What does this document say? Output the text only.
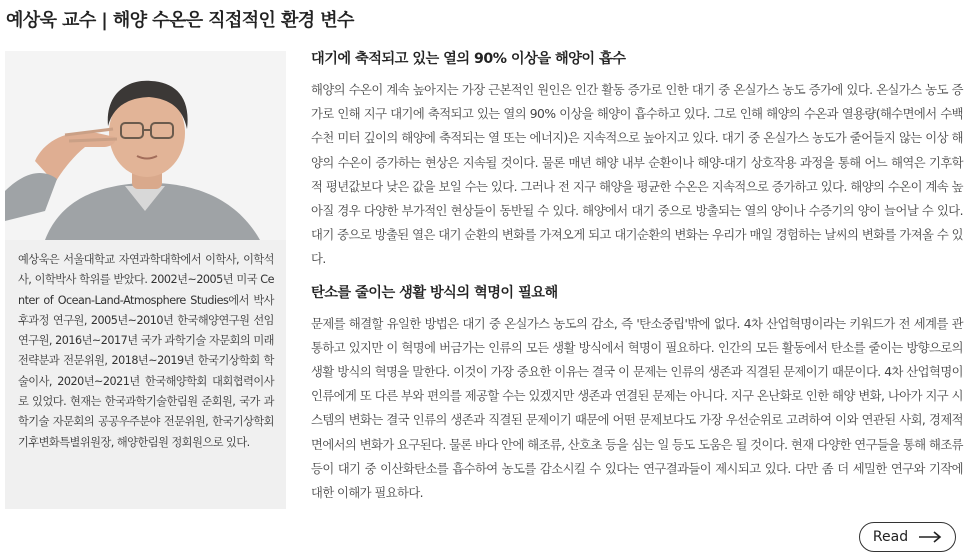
예상욱 교수 | 해양 수온은 직접적인 환경 변수

예상욱은 서울대학교 자연과학대학에서 이학사, 이학석사, 이학박사 학위를 받았다. 2002년~2005년 미국 Center of Ocean-Land-Atmosphere Studies에서 박사후과정 연구원, 2005년~2010년 한국해양연구원 선임연구원, 2016년~2017년 국가 과학기술 자문회의 미래전략분과 전문위원, 2018년~2019년 한국기상학회 학술이사, 2020년~2021년 한국해양학회 대회협력이사로 있었다. 현재는 한국과학기술한림원 준회원, 국가 과학기술 자문회의 공공우주분야 전문위원, 한국기상학회 기후변화특별위원장, 해양한림원 정회원으로 있다.

대기에 축적되고 있는 열의 90% 이상을 해양이 흡수

해양의 수온이 계속 높아지는 가장 근본적인 원인은 인간 활동 증가로 인한 대기 중 온실가스 농도 증가에 있다. 온실가스 농도 증가로 인해 지구 대기에 축적되고 있는 열의 90% 이상을 해양이 흡수하고 있다. 그로 인해 해양의 수온과 열용량(해수면에서 수백 수천 미터 깊이의 해양에 축적되는 열 또는 에너지)은 지속적으로 높아지고 있다. 대기 중 온실가스 농도가 줄어들지 않는 이상 해양의 수온이 증가하는 현상은 지속될 것이다. 물론 매년 해양 내부 순환이나 해양-대기 상호작용 과정을 통해 어느 해역은 기후학적 평년값보다 낮은 값을 보일 수는 있다. 그러나 전 지구 해양을 평균한 수온은 지속적으로 증가하고 있다. 해양의 수온이 계속 높아질 경우 다양한 부가적인 현상들이 동반될 수 있다. 해양에서 대기 중으로 방출되는 열의 양이나 수증기의 양이 늘어날 수 있다. 대기 중으로 방출된 열은 대기 순환의 변화를 가져오게 되고 대기순환의 변화는 우리가 매일 경험하는 날씨의 변화를 가져올 수 있다.

탄소를 줄이는 생활 방식의 혁명이 필요해

문제를 해결할 유일한 방법은 대기 중 온실가스 농도의 감소, 즉 '탄소중립'밖에 없다. 4차 산업혁명이라는 키워드가 전 세계를 관통하고 있지만 이 혁명에 버금가는 인류의 모든 생활 방식에서 혁명이 필요하다. 인간의 모든 활동에서 탄소를 줄이는 방향으로의 생활 방식의 혁명을 말한다. 이것이 가장 중요한 이유는 결국 이 문제는 인류의 생존과 직결된 문제이기 때문이다. 4차 산업혁명이 인류에게 또 다른 부와 편의를 제공할 수는 있겠지만 생존과 연결된 문제는 아니다. 지구 온난화로 인한 해양 변화, 나아가 지구 시스템의 변화는 결국 인류의 생존과 직결된 문제이기 때문에 어떤 문제보다도 가장 우선순위로 고려하여 이와 연관된 사회, 경제적면에서의 변화가 요구된다. 물론 바다 안에 해조류, 산호초 등을 심는 일 등도 도움은 될 것이다. 현재 다양한 연구들을 통해 해조류 등이 대기 중 이산화탄소를 흡수하여 농도를 감소시킬 수 있다는 연구결과들이 제시되고 있다. 다만 좀 더 세밀한 연구와 기작에 대한 이해가 필요하다.

Read
